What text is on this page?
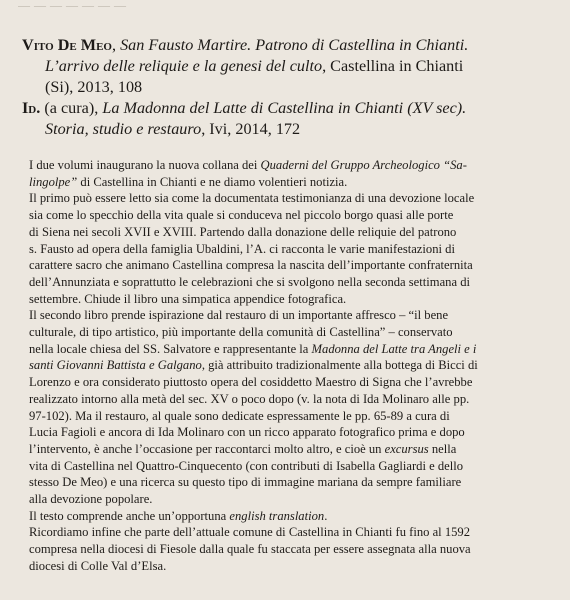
— — — — — — —
Vito De Meo, San Fausto Martire. Patrono di Castellina in Chianti.
L’arrivo delle reliquie e la genesi del culto, Castellina in Chianti
(Si), 2013, 108
Id. (a cura), La Madonna del Latte di Castellina in Chianti (XV sec).
Storia, studio e restauro, Ivi, 2014, 172

I due volumi inaugurano la nuova collana dei Quaderni del Gruppo Archeologico “Sa-

lingolpe” di Castellina in Chianti e ne diamo volentieri notizia.

Il primo può essere letto sia come la documentata testimonianza di una devozione locale

sia come lo specchio della vita quale si conduceva nel piccolo borgo quasi alle porte

di Siena nei secoli XVII e XVIII. Partendo dalla donazione delle reliquie del patrono

s. Fausto ad opera della famiglia Ubaldini, l’A. ci racconta le varie manifestazioni di

carattere sacro che animano Castellina compresa la nascita dell’importante confraternita

dell’Annunziata e soprattutto le celebrazioni che si svolgono nella seconda settimana di

settembre. Chiude il libro una simpatica appendice fotografica.

Il secondo libro prende ispirazione dal restauro di un importante affresco – “il bene

culturale, di tipo artistico, più importante della comunità di Castellina” – conservato

nella locale chiesa del SS. Salvatore e rappresentante la Madonna del Latte tra Angeli e i

santi Giovanni Battista e Galgano, già attribuito tradizionalmente alla bottega di Bicci di

Lorenzo e ora considerato piuttosto opera del cosiddetto Maestro di Signa che l’avrebbe

realizzato intorno alla metà del sec. XV o poco dopo (v. la nota di Ida Molinaro alle pp.

97-102). Ma il restauro, al quale sono dedicate espressamente le pp. 65-89 a cura di

Lucia Fagioli e ancora di Ida Molinaro con un ricco apparato fotografico prima e dopo

l’intervento, è anche l’occasione per raccontarci molto altro, e cioè un excursus nella

vita di Castellina nel Quattro-Cinquecento (con contributi di Isabella Gagliardi e dello

stesso De Meo) e una ricerca su questo tipo di immagine mariana da sempre familiare

alla devozione popolare.

Il testo comprende anche un’opportuna english translation.

Ricordiamo infine che parte dell’attuale comune di Castellina in Chianti fu fino al 1592

compresa nella diocesi di Fiesole dalla quale fu staccata per essere assegnata alla nuova

diocesi di Colle Val d’Elsa.
